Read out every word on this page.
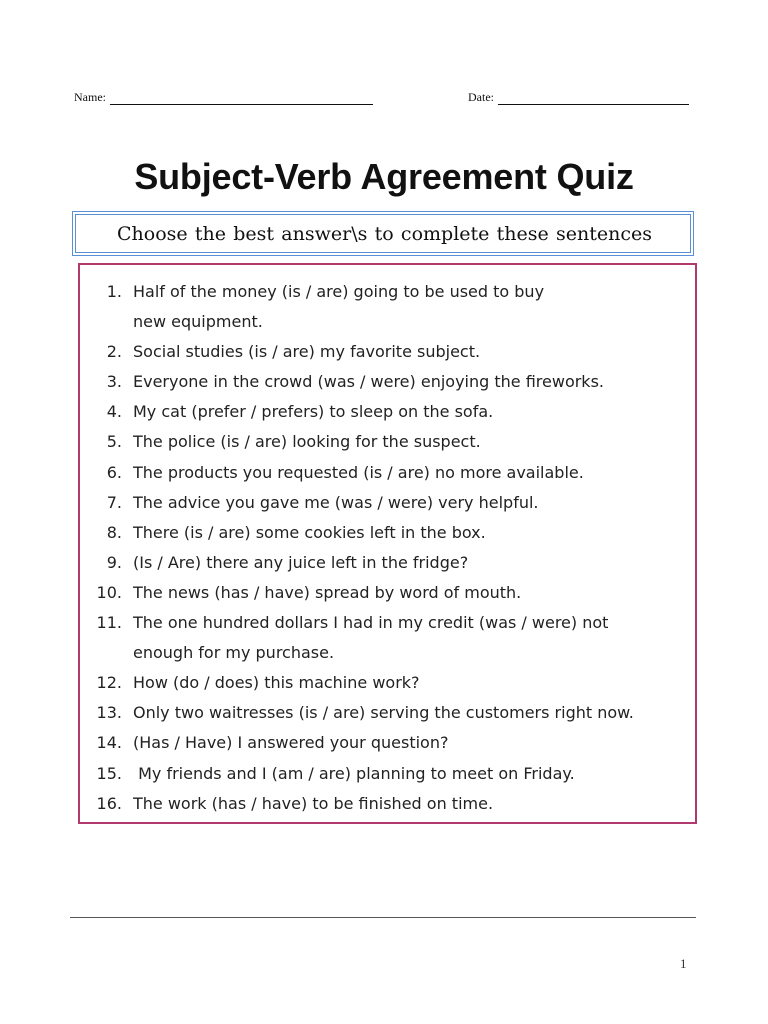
Name:	Date:
Subject-Verb Agreement Quiz
Choose the best answer\s to complete these sentences
1. Half of the money (is / are) going to be used to buy
new equipment.
2. Social studies (is / are) my favorite subject.
3. Everyone in the crowd (was / were) enjoying the fireworks.
4. My cat (prefer / prefers) to sleep on the sofa.
5. The police (is / are) looking for the suspect.
6. The products you requested (is / are) no more available.
7. The advice you gave me (was / were) very helpful.
8. There (is / are) some cookies left in the box.
9. (Is / Are) there any juice left in the fridge?
10. The news (has / have) spread by word of mouth.
11. The one hundred dollars I had in my credit (was / were) not
enough for my purchase.
12. How (do / does) this machine work?
13. Only two waitresses (is / are) serving the customers right now.
14. (Has / Have) I answered your question?
15. My friends and I (am / are) planning to meet on Friday.
16. The work (has / have) to be finished on time.
1
